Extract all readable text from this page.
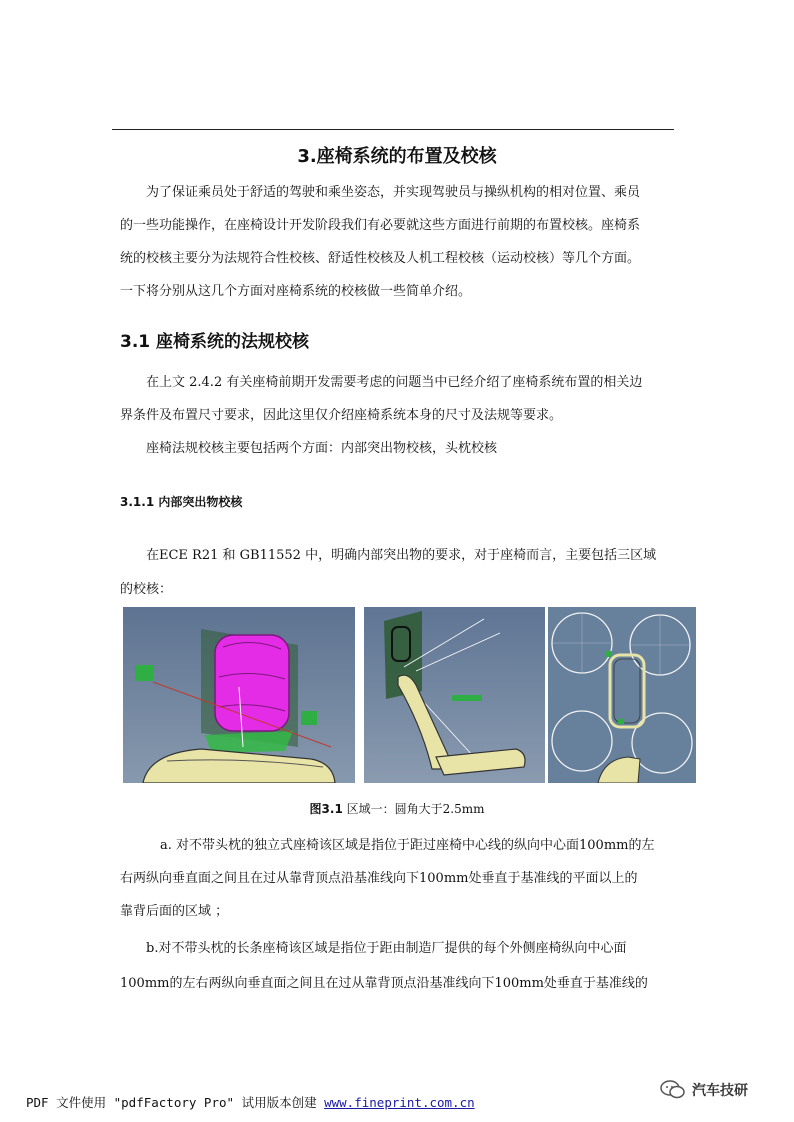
3.座椅系统的布置及校核
为了保证乘员处于舒适的驾驶和乘坐姿态，并实现驾驶员与操纵机构的相对位置、乘员
的一些功能操作，在座椅设计开发阶段我们有必要就这些方面进行前期的布置校核。座椅系
统的校核主要分为法规符合性校核、舒适性校核及人机工程校核（运动校核）等几个方面。
一下将分别从这几个方面对座椅系统的校核做一些简单介绍。
3.1 座椅系统的法规校核
在上文 2.4.2 有关座椅前期开发需要考虑的问题当中已经介绍了座椅系统布置的相关边
界条件及布置尺寸要求，因此这里仅介绍座椅系统本身的尺寸及法规等要求。
座椅法规校核主要包括两个方面：内部突出物校核，头枕校核
3.1.1 内部突出物校核
在ECE R21 和 GB11552 中，明确内部突出物的要求，对于座椅而言，主要包括三区域
的校核：
图3.1 区域一：圆角大于2.5mm
a. 对不带头枕的独立式座椅该区域是指位于距过座椅中心线的纵向中心面100mm的左
右两纵向垂直面之间且在过从靠背顶点沿基准线向下100mm处垂直于基准线的平面以上的
靠背后面的区域 ；
b.对不带头枕的长条座椅该区域是指位于距由制造厂提供的每个外侧座椅纵向中心面
100mm的左右两纵向垂直面之间且在过从靠背顶点沿基准线向下100mm处垂直于基准线的
PDF 文件使用 "pdfFactory Pro" 试用版本创建 www.fineprint.com.cn
汽车技研
